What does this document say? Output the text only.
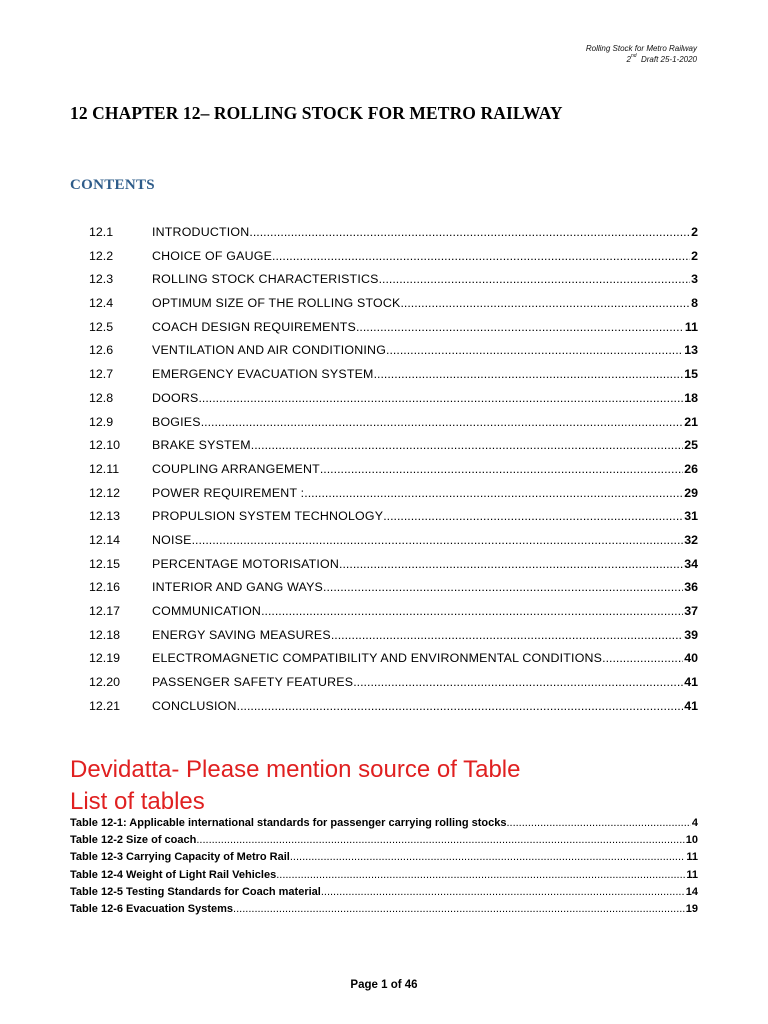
Rolling Stock for Metro Railway
2nd  Draft 25-1-2020
12 CHAPTER 12– ROLLING STOCK FOR METRO RAILWAY
CONTENTS
12.1	INTRODUCTION .....	2
12.2	CHOICE OF GAUGE .....	2
12.3	ROLLING STOCK CHARACTERISTICS .....	3
12.4	OPTIMUM SIZE OF THE ROLLING STOCK .....	8
12.5	COACH DESIGN REQUIREMENTS .....	11
12.6	VENTILATION AND AIR CONDITIONING .....	13
12.7	EMERGENCY EVACUATION SYSTEM .....	15
12.8	DOORS .....	18
12.9	BOGIES .....	21
12.10	BRAKE SYSTEM .....	25
12.11	COUPLING ARRANGEMENT .....	26
12.12	POWER REQUIREMENT : .....	29
12.13	PROPULSION SYSTEM TECHNOLOGY .....	31
12.14	NOISE .....	32
12.15	PERCENTAGE MOTORISATION .....	34
12.16	INTERIOR AND GANG WAYS .....	36
12.17	COMMUNICATION .....	37
12.18	ENERGY SAVING MEASURES .....	39
12.19	ELECTROMAGNETIC COMPATIBILITY AND ENVIRONMENTAL CONDITIONS .....	40
12.20	PASSENGER SAFETY FEATURES .....	41
12.21	CONCLUSION .....	41
Devidatta- Please mention source of Table
List of tables
Table 12-1: Applicable international standards for passenger carrying rolling stocks .....	4
Table 12-2 Size of coach .....	10
Table 12-3 Carrying Capacity of Metro Rail .....	11
Table 12-4 Weight of Light Rail Vehicles .....	11
Table 12-5 Testing Standards for Coach material .....	14
Table 12-6 Evacuation Systems .....	19
Page 1 of 46
